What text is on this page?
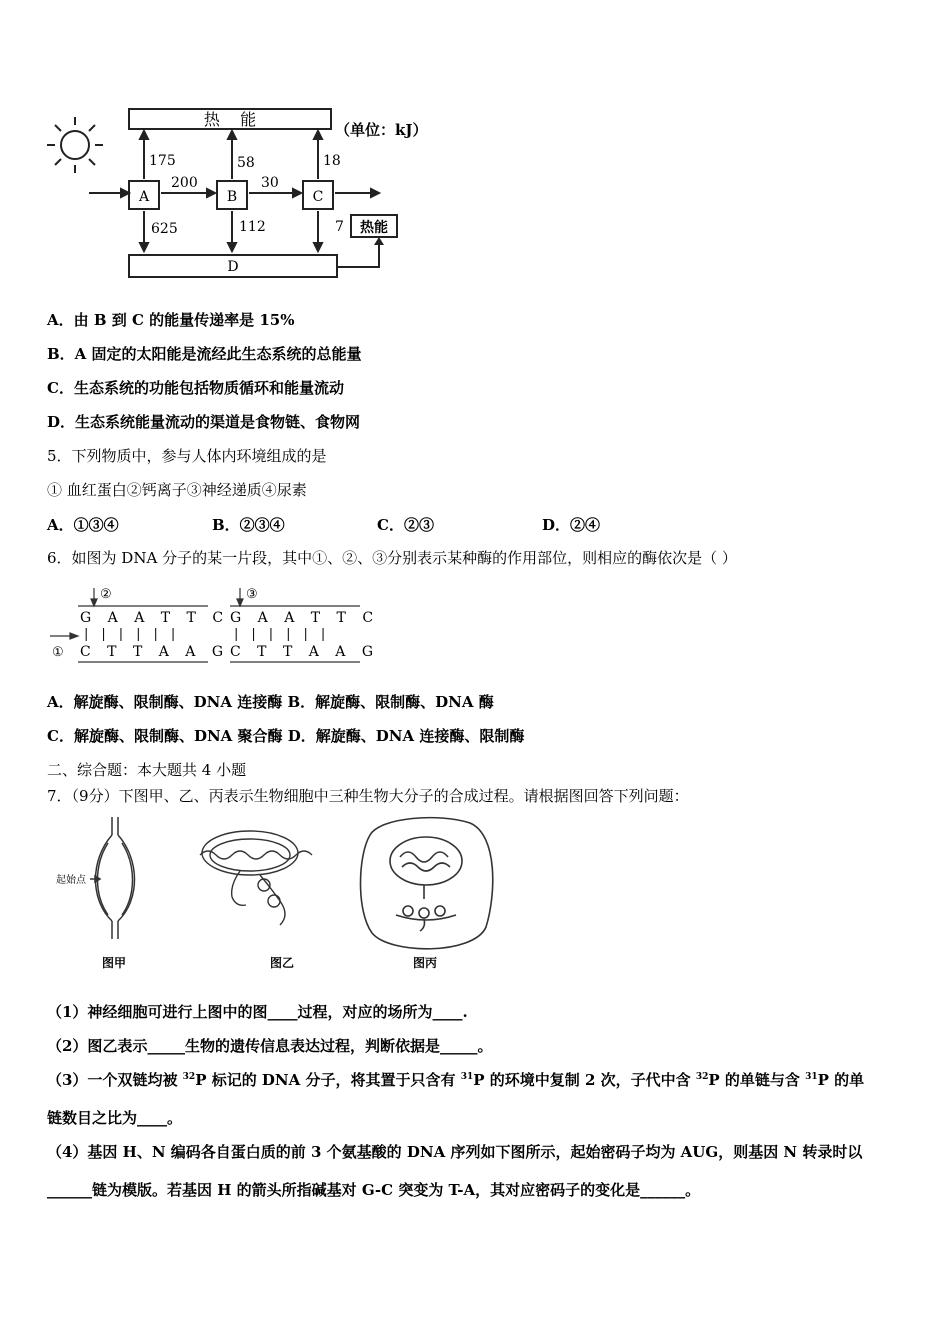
热    能
（单位：kJ）
A	B	C
175	58	18
200	30
625	112	7 热能
D
A．由 B 到 C 的能量传递率是 15%
B．A 固定的太阳能是流经此生态系统的总能量
C．生态系统的功能包括物质循环和能量流动
D．生态系统能量流动的渠道是食物链、食物网
5．下列物质中，参与人体内环境组成的是
① 血红蛋白②钙离子③神经递质④尿素
A．①③④	B．②③④	C．②③	D．②④
6．如图为 DNA 分子的某一片段，其中①、②、③分别表示某种酶的作用部位，则相应的酶依次是（ ）
②	③
①
G A A T T C
||||||
C T T A A G
G A A T T C
||||||
C T T A A G
A．解旋酶、限制酶、DNA 连接酶 B．解旋酶、限制酶、DNA 酶
C．解旋酶、限制酶、DNA 聚合酶 D．解旋酶、DNA 连接酶、限制酶
二、综合题：本大题共 4 小题
7．（9分）下图甲、乙、丙表示生物细胞中三种生物大分子的合成过程。请根据图回答下列问题：
起始点
图甲	图乙	图丙
（1）神经细胞可进行上图中的图____过程，对应的场所为____.
（2）图乙表示_____生物的遗传信息表达过程，判断依据是_____。
（3）一个双链均被 $^{32}$P 标记的 DNA 分子，将其置于只含有 $^{31}$P 的环境中复制 2 次，子代中含 $^{32}$P 的单链与含 $^{31}$P 的单
链数目之比为____。
（4）基因 H、N 编码各自蛋白质的前 3 个氨基酸的 DNA 序列如下图所示，起始密码子均为 AUG，则基因 N 转录时以
______链为模版。若基因 H 的箭头所指碱基对 G-C 突变为 T-A，其对应密码子的变化是______。
